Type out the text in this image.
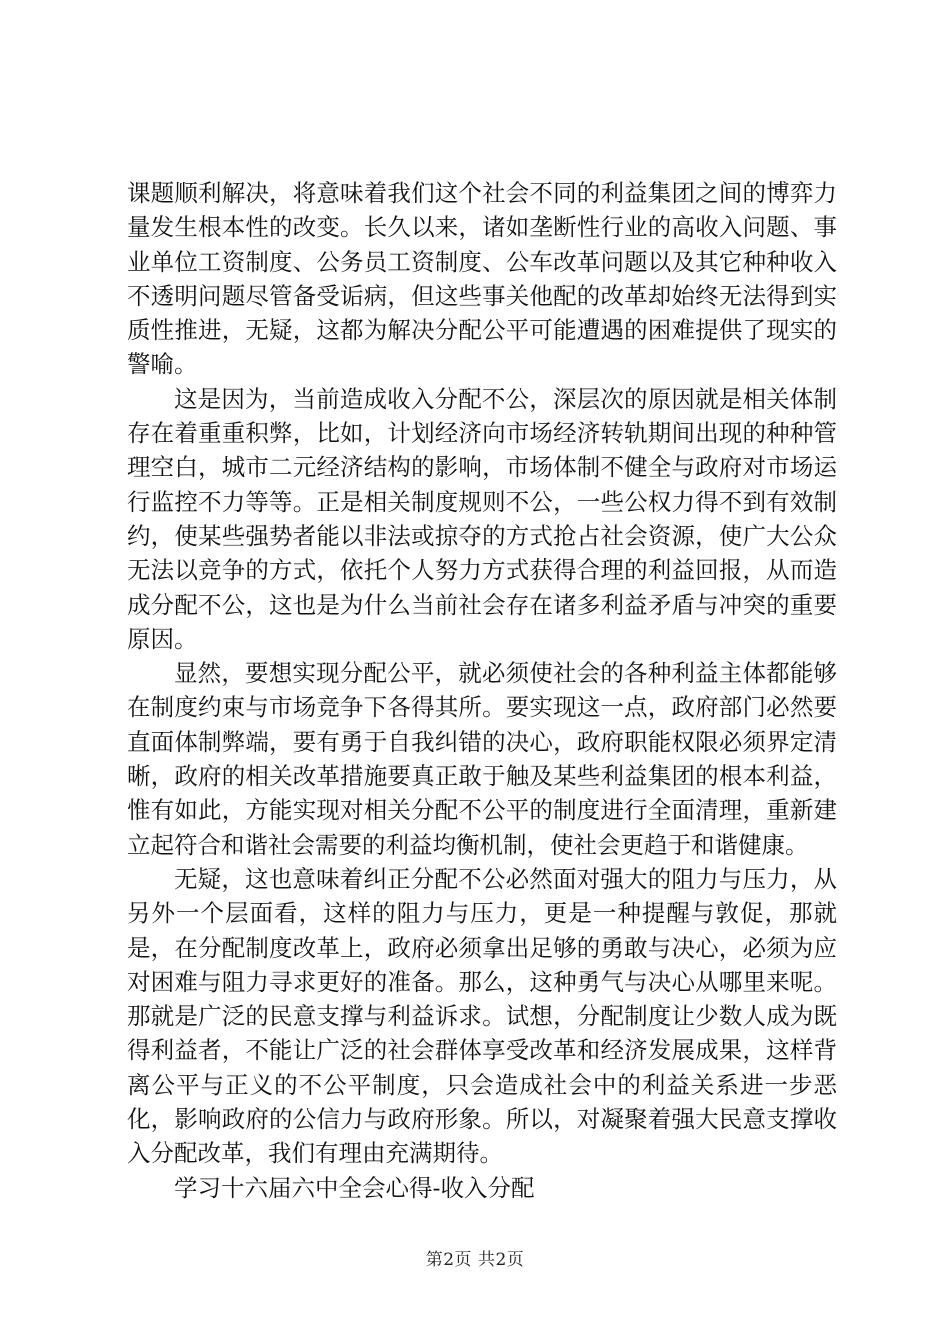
课题顺利解决，将意味着我们这个社会不同的利益集团之间的博弈力量发生根本性的改变。长久以来，诸如垄断性行业的高收入问题、事业单位工资制度、公务员工资制度、公车改革问题以及其它种种收入不透明问题尽管备受诟病，但这些事关他配的改革却始终无法得到实质性推进，无疑，这都为解决分配公平可能遭遇的困难提供了现实的警喻。

这是因为，当前造成收入分配不公，深层次的原因就是相关体制存在着重重积弊，比如，计划经济向市场经济转轨期间出现的种种管理空白，城市二元经济结构的影响，市场体制不健全与政府对市场运行监控不力等等。正是相关制度规则不公，一些公权力得不到有效制约，使某些强势者能以非法或掠夺的方式抢占社会资源，使广大公众无法以竞争的方式，依托个人努力方式获得合理的利益回报，从而造成分配不公，这也是为什么当前社会存在诸多利益矛盾与冲突的重要原因。

显然，要想实现分配公平，就必须使社会的各种利益主体都能够在制度约束与市场竞争下各得其所。要实现这一点，政府部门必然要直面体制弊端，要有勇于自我纠错的决心，政府职能权限必须界定清晰，政府的相关改革措施要真正敢于触及某些利益集团的根本利益，惟有如此，方能实现对相关分配不公平的制度进行全面清理，重新建立起符合和谐社会需要的利益均衡机制，使社会更趋于和谐健康。

无疑，这也意味着纠正分配不公必然面对强大的阻力与压力，从另外一个层面看，这样的阻力与压力，更是一种提醒与敦促，那就是，在分配制度改革上，政府必须拿出足够的勇敢与决心，必须为应对困难与阻力寻求更好的准备。那么，这种勇气与决心从哪里来呢。那就是广泛的民意支撑与利益诉求。试想，分配制度让少数人成为既得利益者，不能让广泛的社会群体享受改革和经济发展成果，这样背离公平与正义的不公平制度，只会造成社会中的利益关系进一步恶化，影响政府的公信力与政府形象。所以，对凝聚着强大民意支撑收入分配改革，我们有理由充满期待。

学习十六届六中全会心得-收入分配

第2页 共2页
